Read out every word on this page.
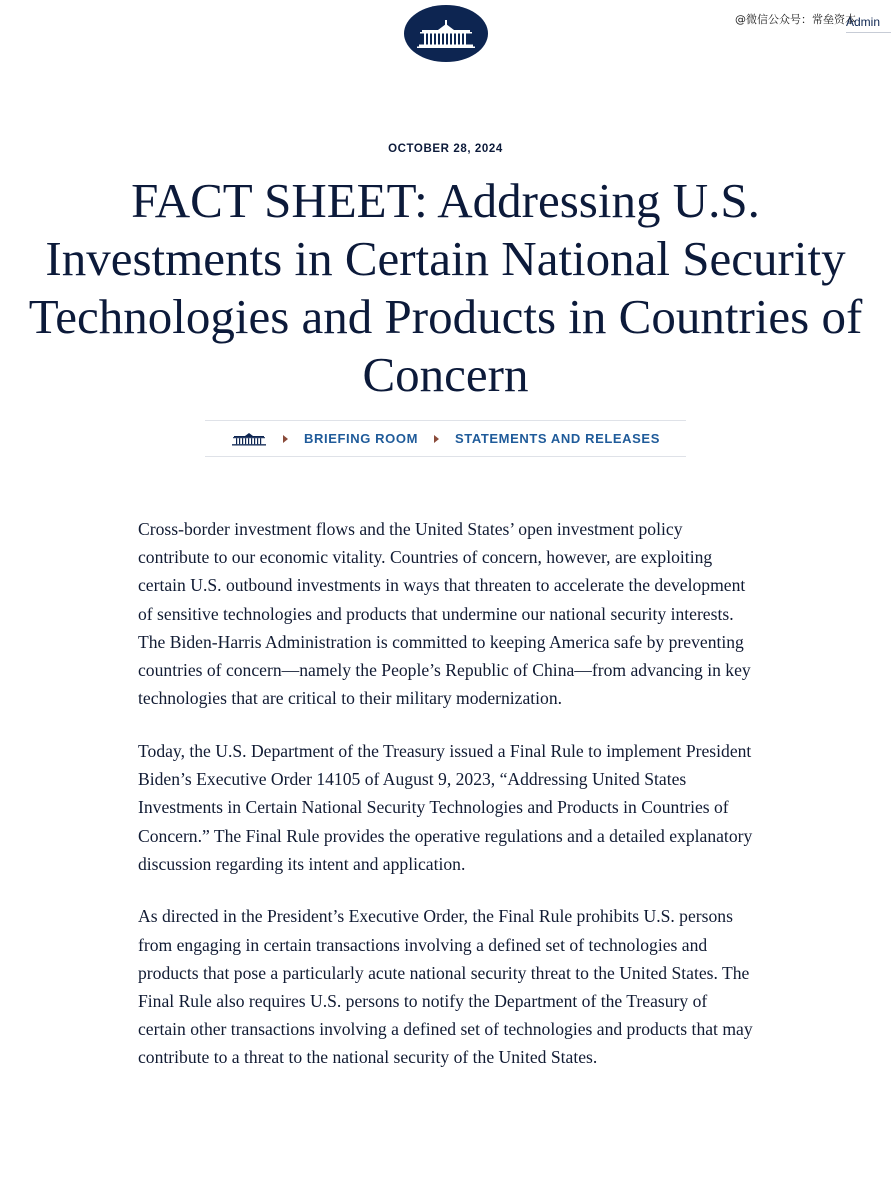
@微信公众号：常垒资本
Admin
OCTOBER 28, 2024
FACT SHEET: Addressing U.S. Investments in Certain National Security Technologies and Products in Countries of Concern
BRIEFING ROOM	STATEMENTS AND RELEASES

Cross-border investment flows and the United States’ open investment policy contribute to our economic vitality. Countries of concern, however, are exploiting certain U.S. outbound investments in ways that threaten to accelerate the development of sensitive technologies and products that undermine our national security interests. The Biden-Harris Administration is committed to keeping America safe by preventing countries of concern—namely the People’s Republic of China—from advancing in key technologies that are critical to their military modernization.

Today, the U.S. Department of the Treasury issued a Final Rule to implement President Biden’s Executive Order 14105 of August 9, 2023, “Addressing United States Investments in Certain National Security Technologies and Products in Countries of Concern.” The Final Rule provides the operative regulations and a detailed explanatory discussion regarding its intent and application.

As directed in the President’s Executive Order, the Final Rule prohibits U.S. persons from engaging in certain transactions involving a defined set of technologies and products that pose a particularly acute national security threat to the United States. The Final Rule also requires U.S. persons to notify the Department of the Treasury of certain other transactions involving a defined set of technologies and products that may contribute to a threat to the national security of the United States.
